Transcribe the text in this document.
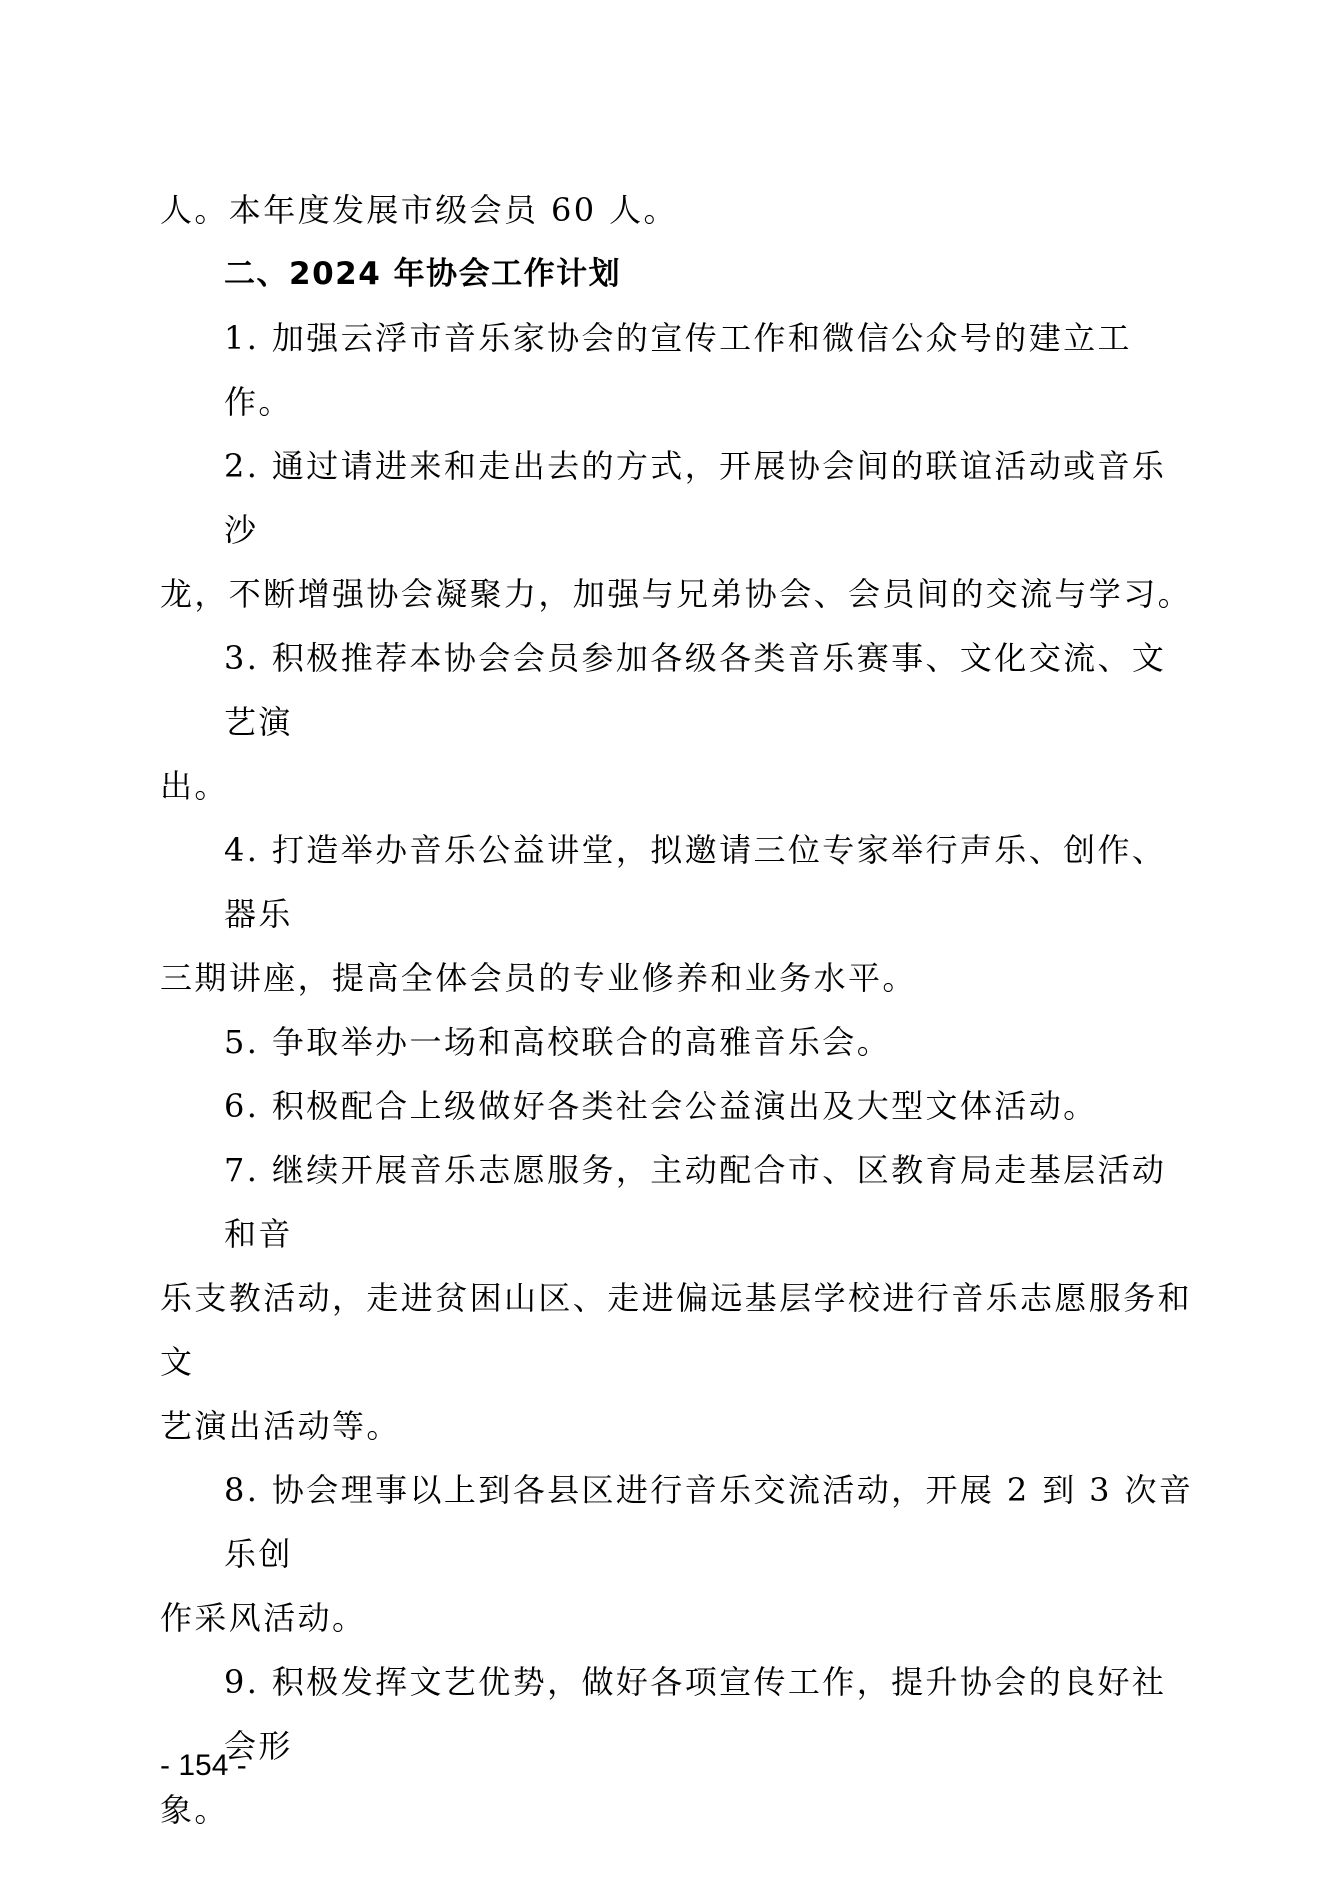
人。本年度发展市级会员 60 人。

二、2024 年协会工作计划

1. 加强云浮市音乐家协会的宣传工作和微信公众号的建立工作。

2. 通过请进来和走出去的方式，开展协会间的联谊活动或音乐沙

龙，不断增强协会凝聚力，加强与兄弟协会、会员间的交流与学习。

3. 积极推荐本协会会员参加各级各类音乐赛事、文化交流、文艺演

出。

4. 打造举办音乐公益讲堂，拟邀请三位专家举行声乐、创作、器乐

三期讲座，提高全体会员的专业修养和业务水平。

5. 争取举办一场和高校联合的高雅音乐会。

6. 积极配合上级做好各类社会公益演出及大型文体活动。

7. 继续开展音乐志愿服务，主动配合市、区教育局走基层活动和音

乐支教活动，走进贫困山区、走进偏远基层学校进行音乐志愿服务和文

艺演出活动等。

8. 协会理事以上到各县区进行音乐交流活动，开展 2 到 3 次音乐创

作采风活动。

9. 积极发挥文艺优势，做好各项宣传工作，提升协会的良好社会形

象。

- 154 -
